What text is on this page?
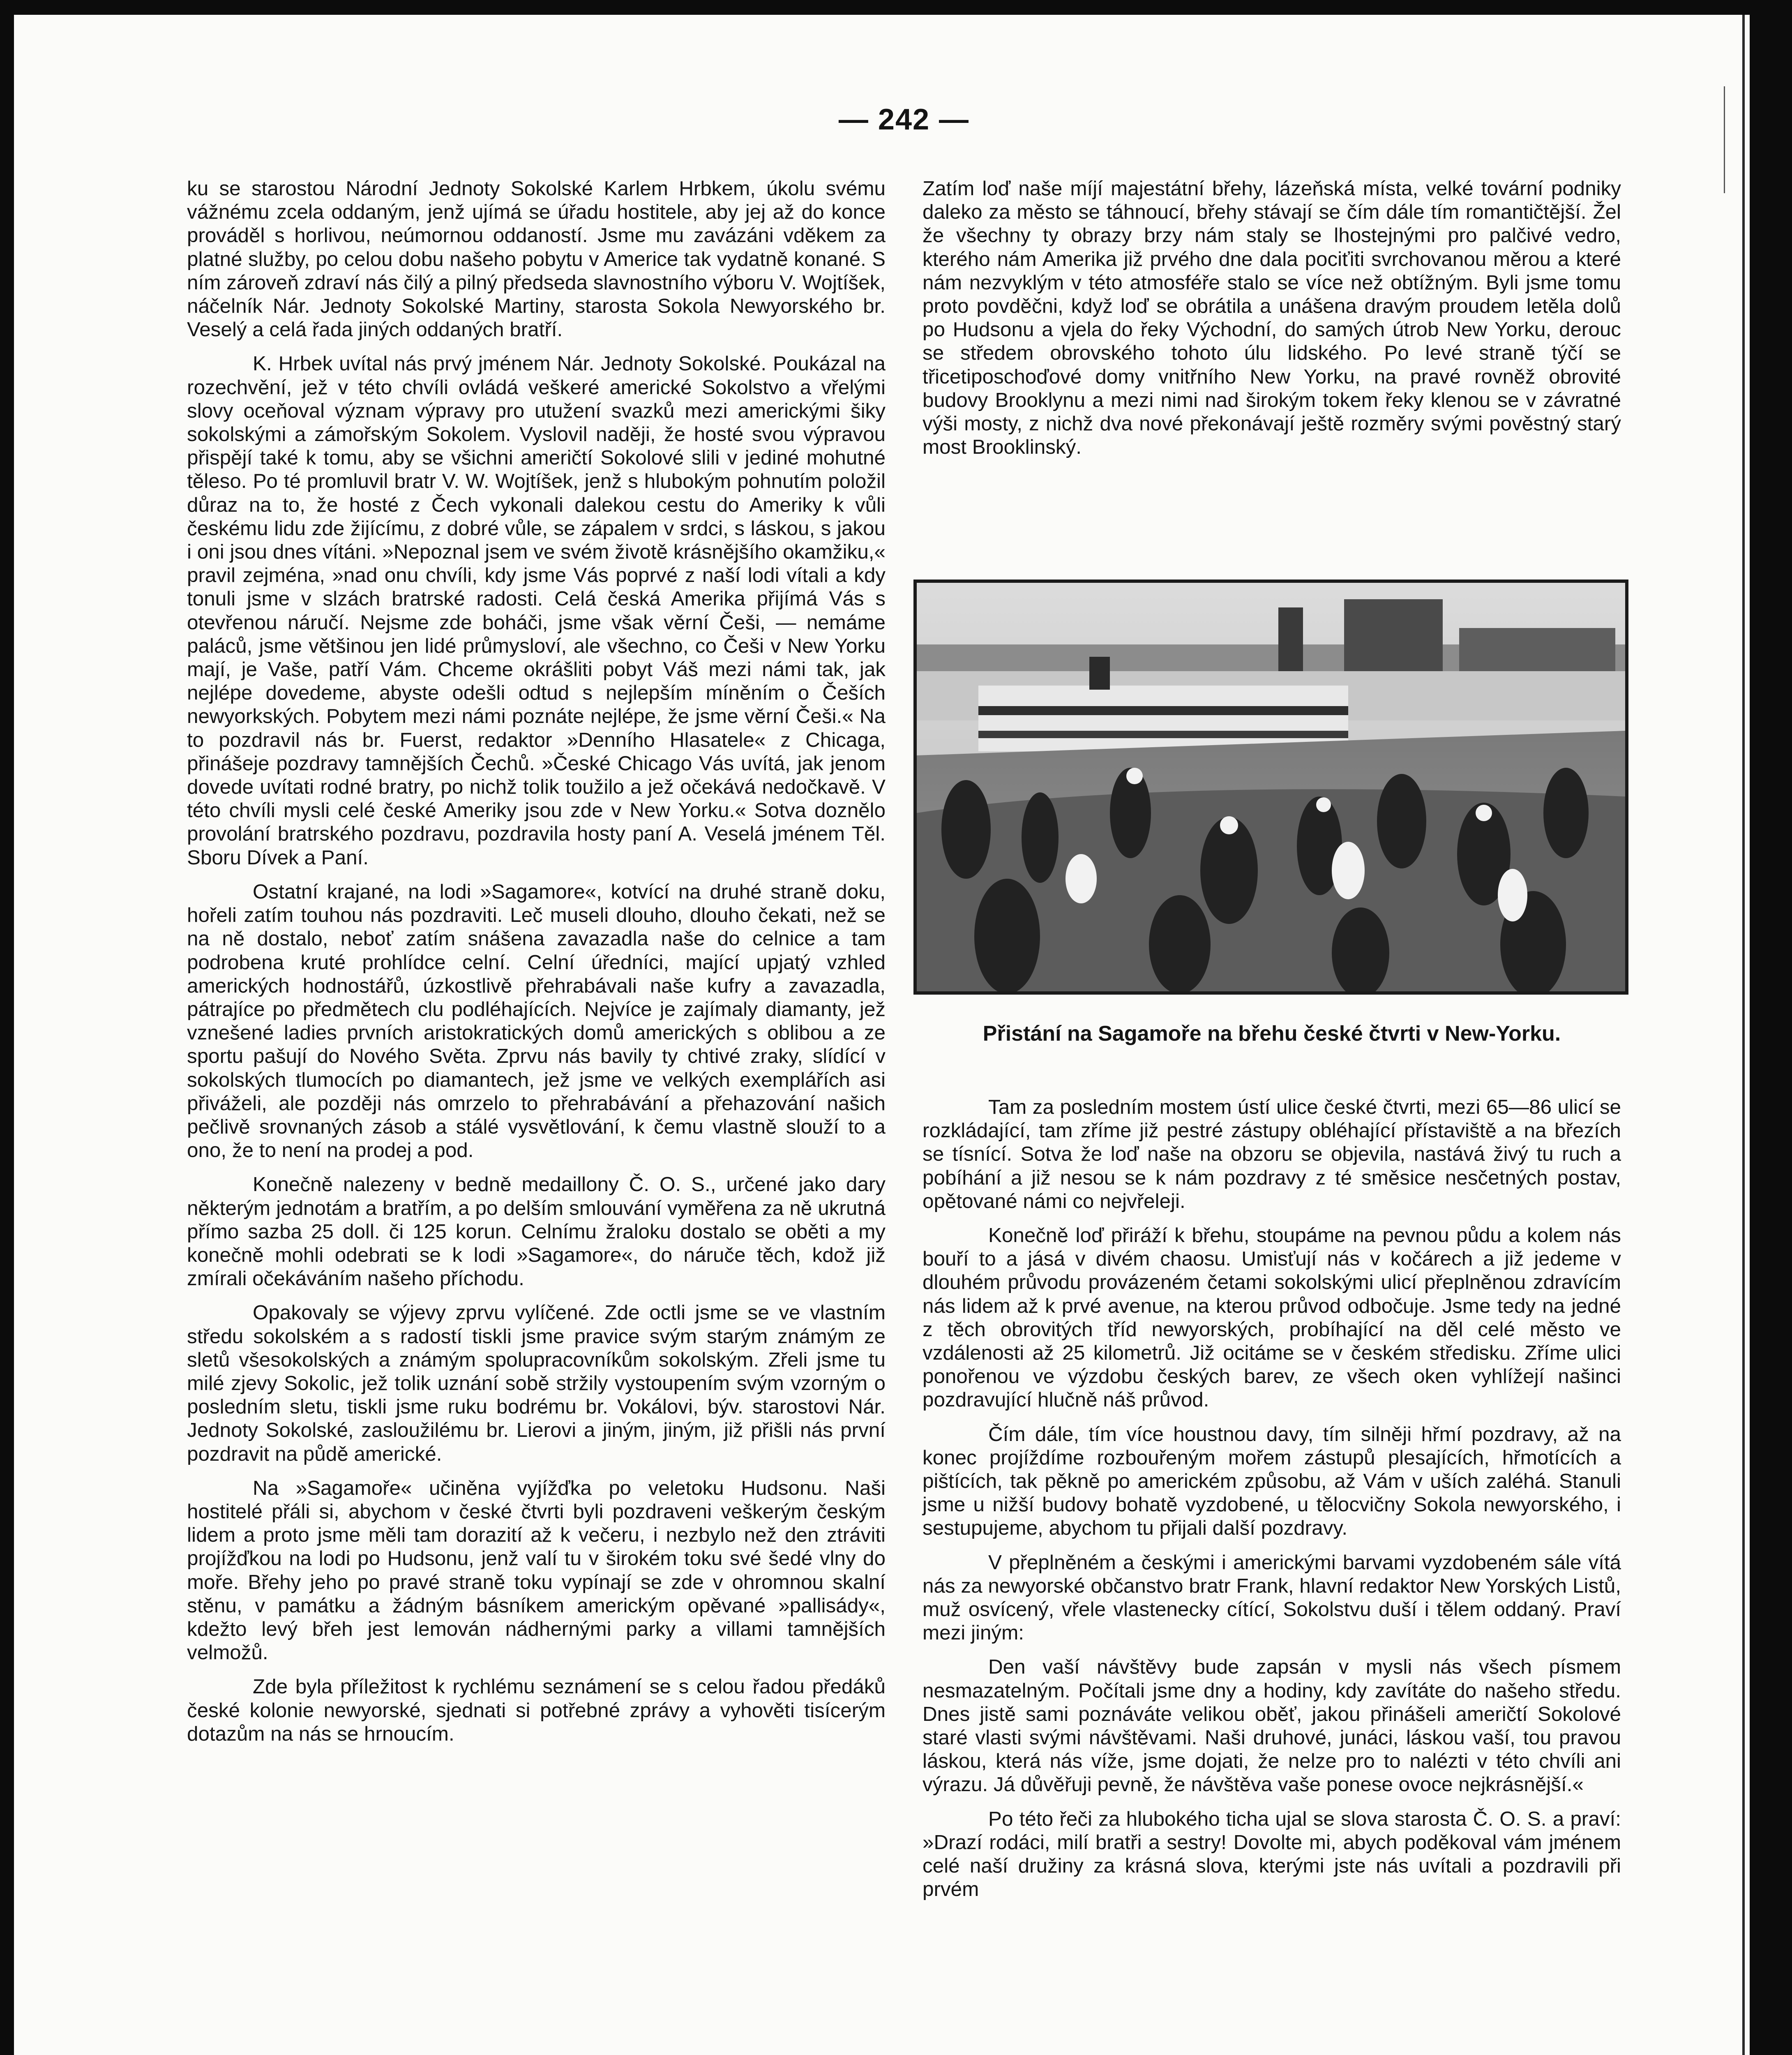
— 242 —

ku se starostou Národní Jednoty Sokolské Karlem Hrbkem, úkolu svému vážnému zcela oddaným, jenž ujímá se úřadu hostitele, aby jej až do konce prováděl s horlivou, neúmornou oddaností. Jsme mu zavázáni vděkem za platné služby, po celou dobu našeho pobytu v Americe tak vydatně konané. S ním zároveň zdraví nás čilý a pilný předseda slavnostního výboru V. Wojtíšek, náčelník Nár. Jednoty Sokolské Martiny, starosta Sokola Newyorského br. Veselý a celá řada jiných oddaných bratří.

K. Hrbek uvítal nás prvý jménem Nár. Jednoty Sokolské. Poukázal na rozechvění, jež v této chvíli ovládá veškeré americké Sokolstvo a vřelými slovy oceňoval význam výpravy pro utužení svazků mezi americkými šiky sokolskými a zámořským Sokolem. Vyslovil naději, že hosté svou výpravou přispějí také k tomu, aby se všichni američtí Sokolové slili v jediné mohutné těleso. Po té promluvil bratr V. W. Wojtíšek, jenž s hlubokým pohnutím položil důraz na to, že hosté z Čech vykonali dalekou cestu do Ameriky k vůli českému lidu zde žijícímu, z dobré vůle, se zápalem v srdci, s láskou, s jakou i oni jsou dnes vítáni. »Nepoznal jsem ve svém životě krásnějšího okamžiku,« pravil zejména, »nad onu chvíli, kdy jsme Vás poprvé z naší lodi vítali a kdy tonuli jsme v slzách bratrské radosti. Celá česká Amerika přijímá Vás s otevřenou náručí. Nejsme zde boháči, jsme však věrní Češi, — nemáme paláců, jsme většinou jen lidé průmysloví, ale všechno, co Češi v New Yorku mají, je Vaše, patří Vám. Chceme okrášliti pobyt Váš mezi námi tak, jak nejlépe dovedeme, abyste odešli odtud s nejlepším míněním o Češích newyorkských. Pobytem mezi námi poznáte nejlépe, že jsme věrní Češi.« Na to pozdravil nás br. Fuerst, redaktor »Denního Hlasatele« z Chicaga, přinášeje pozdravy tamnějších Čechů. »České Chicago Vás uvítá, jak jenom dovede uvítati rodné bratry, po nichž tolik toužilo a jež očekává nedočkavě. V této chvíli mysli celé české Ameriky jsou zde v New Yorku.« Sotva doznělo provolání bratrského pozdravu, pozdravila hosty paní A. Veselá jménem Těl. Sboru Dívek a Paní.

Ostatní krajané, na lodi »Sagamore«, kotvící na druhé straně doku, hořeli zatím touhou nás pozdraviti. Leč museli dlouho, dlouho čekati, než se na ně dostalo, neboť zatím snášena zavazadla naše do celnice a tam podrobena kruté prohlídce celní. Celní úředníci, mající upjatý vzhled amerických hodnostářů, úzkostlivě přehrabávali naše kufry a zavazadla, pátrajíce po předmětech clu podléhajících. Nejvíce je zajímaly diamanty, jež vznešené ladies prvních aristokratických domů amerických s oblibou a ze sportu pašují do Nového Světa. Zprvu nás bavily ty chtivé zraky, slídící v sokolských tlumocích po diamantech, jež jsme ve velkých exemplářích asi přiváželi, ale později nás omrzelo to přehrabávání a přehazování našich pečlivě srovnaných zásob a stálé vysvětlování, k čemu vlastně slouží to a ono, že to není na prodej a pod.

Konečně nalezeny v bedně medaillony Č. O. S., určené jako dary některým jednotám a bratřím, a po delším smlouvání vyměřena za ně ukrutná přímo sazba 25 doll. či 125 korun. Celnímu žraloku dostalo se oběti a my konečně mohli odebrati se k lodi »Sagamore«, do náruče těch, kdož již zmírali očekáváním našeho příchodu.

Opakovaly se výjevy zprvu vylíčené. Zde octli jsme se ve vlastním středu sokolském a s radostí tiskli jsme pravice svým starým známým ze sletů všesokolských a známým spolupracovníkům sokolským. Zřeli jsme tu milé zjevy Sokolic, jež tolik uznání sobě stržily vystoupením svým vzorným o posledním sletu, tiskli jsme ruku bodrému br. Vokálovi, býv. starostovi Nár. Jednoty Sokolské, zasloužilému br. Lierovi a jiným, jiným, již přišli nás první pozdravit na půdě americké.

Na »Sagamoře« učiněna vyjížďka po veletoku Hudsonu. Naši hostitelé přáli si, abychom v české čtvrti byli pozdraveni veškerým českým lidem a proto jsme měli tam dorazití až k večeru, i nezbylo než den ztráviti projížďkou na lodi po Hudsonu, jenž valí tu v širokém toku své šedé vlny do moře. Břehy jeho po pravé straně toku vypínají se zde v ohromnou skalní stěnu, v památku a žádným básníkem americkým opěvané »pallisády«, kdežto levý břeh jest lemován nádhernými parky a villami tamnějších velmožů.

Zde byla příležitost k rychlému seznámení se s celou řadou předáků české kolonie newyorské, sjednati si potřebné zprávy a vyhověti tisícerým dotazům na nás se hrnoucím.

Zatím loď naše míjí majestátní břehy, lázeňská místa, velké tovární podniky daleko za město se táhnoucí, břehy stávají se čím dále tím romantičtější. Žel že všechny ty obrazy brzy nám staly se lhostejnými pro palčivé vedro, kterého nám Amerika již prvého dne dala pociťiti svrchovanou měrou a které nám nezvyklým v této atmosféře stalo se více než obtížným. Byli jsme tomu proto povděčni, když loď se obrátila a unášena dravým proudem letěla dolů po Hudsonu a vjela do řeky Východní, do samých útrob New Yorku, derouc se středem obrovského tohoto úlu lidského. Po levé straně týčí se třicetiposchoďové domy vnitřního New Yorku, na pravé rovněž obrovité budovy Brooklynu a mezi nimi nad širokým tokem řeky klenou se v závratné výši mosty, z nichž dva nové překonávají ještě rozměry svými pověstný starý most Brooklinský.

Přistání na Sagamoře na břehu české čtvrti v New-Yorku.

Tam za posledním mostem ústí ulice české čtvrti, mezi 65—86 ulicí se rozkládající, tam zříme již pestré zástupy obléhající přístaviště a na březích se tísnící. Sotva že loď naše na obzoru se objevila, nastává živý tu ruch a pobíhání a již nesou se k nám pozdravy z té směsice nesčetných postav, opětované námi co nejvřeleji.

Konečně loď přiráží k břehu, stoupáme na pevnou půdu a kolem nás bouří to a jásá v divém chaosu. Umisťují nás v kočárech a již jedeme v dlouhém průvodu provázeném četami sokolskými ulicí přeplněnou zdravícím nás lidem až k prvé avenue, na kterou průvod odbočuje. Jsme tedy na jedné z těch obrovitých tříd newyorských, probíhající na děl celé město ve vzdálenosti až 25 kilometrů. Již ocitáme se v českém středisku. Zříme ulici ponořenou ve výzdobu českých barev, ze všech oken vyhlížejí našinci pozdravující hlučně náš průvod.

Čím dále, tím více houstnou davy, tím silněji hřmí pozdravy, až na konec projíždíme rozbouřeným mořem zástupů plesajících, hřmotících a pištících, tak pěkně po americkém způsobu, až Vám v uších zaléhá. Stanuli jsme u nižší budovy bohatě vyzdobené, u tělocvičny Sokola newyorského, i sestupujeme, abychom tu přijali další pozdravy.

V přeplněném a českými i americkými barvami vyzdobeném sále vítá nás za newyorské občanstvo bratr Frank, hlavní redaktor New Yorských Listů, muž osvícený, vřele vlastenecky cítící, Sokolstvu duší i tělem oddaný. Praví mezi jiným:

Den vaší návštěvy bude zapsán v mysli nás všech písmem nesmazatelným. Počítali jsme dny a hodiny, kdy zavítáte do našeho středu. Dnes jistě sami poznáváte velikou oběť, jakou přinášeli američtí Sokolové staré vlasti svými návštěvami. Naši druhové, junáci, láskou vaší, tou pravou láskou, která nás víže, jsme dojati, že nelze pro to nalézti v této chvíli ani výrazu. Já důvěřuji pevně, že návštěva vaše ponese ovoce nejkrásnější.«

Po této řeči za hlubokého ticha ujal se slova starosta Č. O. S. a praví: »Drazí rodáci, milí bratři a sestry! Dovolte mi, abych poděkoval vám jménem celé naší družiny za krásná slova, kterými jste nás uvítali a pozdravili při prvém
